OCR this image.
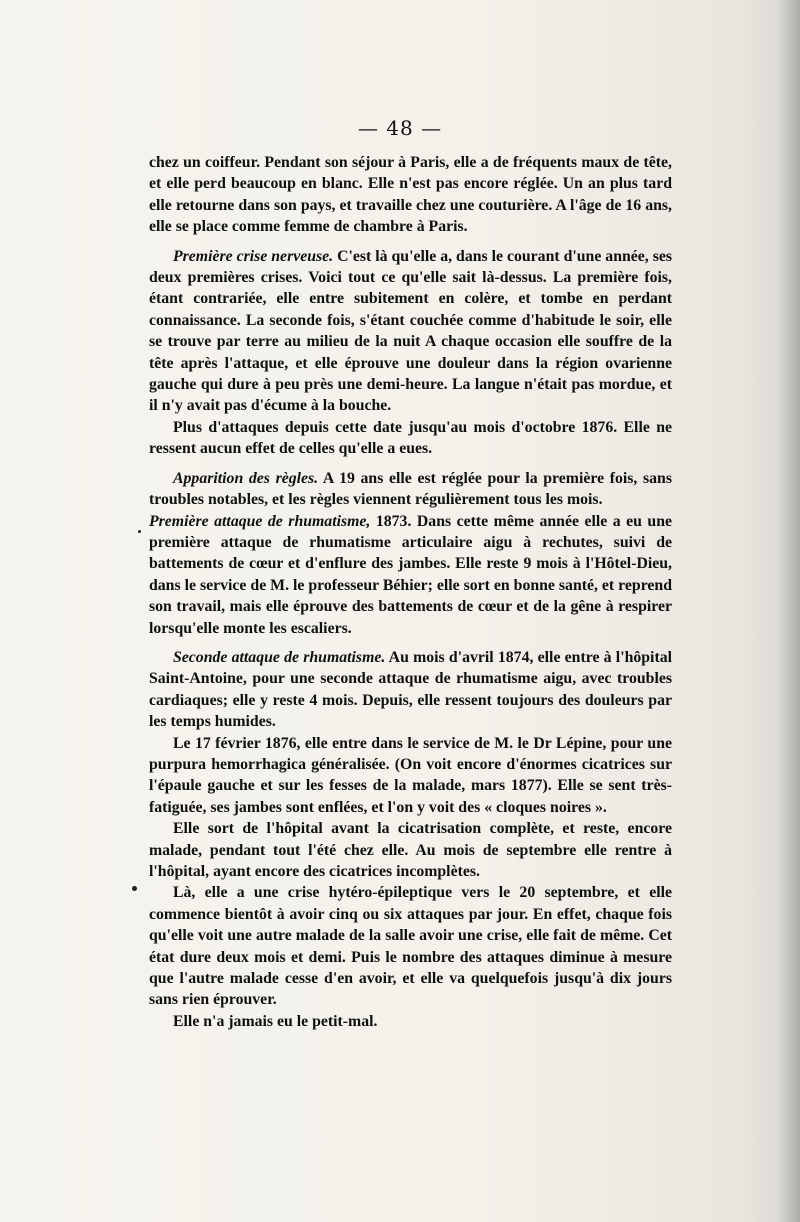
— 48 —

chez un coiffeur. Pendant son séjour à Paris, elle a de fréquents maux de tête, et elle perd beaucoup en blanc. Elle n'est pas encore réglée. Un an plus tard elle retourne dans son pays, et travaille chez une couturière. A l'âge de 16 ans, elle se place comme femme de chambre à Paris.

Première crise nerveuse. C'est là qu'elle a, dans le courant d'une année, ses deux premières crises. Voici tout ce qu'elle sait là-dessus. La première fois, étant contrariée, elle entre subitement en colère, et tombe en perdant connaissance. La seconde fois, s'étant couchée comme d'habitude le soir, elle se trouve par terre au milieu de la nuit A chaque occasion elle souffre de la tête après l'attaque, et elle éprouve une douleur dans la région ovarienne gauche qui dure à peu près une demi-heure. La langue n'était pas mordue, et il n'y avait pas d'écume à la bouche.

Plus d'attaques depuis cette date jusqu'au mois d'octobre 1876. Elle ne ressent aucun effet de celles qu'elle a eues.

Apparition des règles. A 19 ans elle est réglée pour la première fois, sans troubles notables, et les règles viennent régulièrement tous les mois.

Première attaque de rhumatisme, 1873. Dans cette même année elle a eu une première attaque de rhumatisme articulaire aigu à rechutes, suivi de battements de cœur et d'enflure des jambes. Elle reste 9 mois à l'Hôtel-Dieu, dans le service de M. le professeur Béhier; elle sort en bonne santé, et reprend son travail, mais elle éprouve des battements de cœur et de la gêne à respirer lorsqu'elle monte les escaliers.

Seconde attaque de rhumatisme. Au mois d'avril 1874, elle entre à l'hôpital Saint-Antoine, pour une seconde attaque de rhumatisme aigu, avec troubles cardiaques; elle y reste 4 mois. Depuis, elle ressent toujours des douleurs par les temps humides.

Le 17 février 1876, elle entre dans le service de M. le Dr Lépine, pour une purpura hemorrhagica généralisée. (On voit encore d'énormes cicatrices sur l'épaule gauche et sur les fesses de la malade, mars 1877). Elle se sent très-fatiguée, ses jambes sont enflées, et l'on y voit des « cloques noires ».

Elle sort de l'hôpital avant la cicatrisation complète, et reste, encore malade, pendant tout l'été chez elle. Au mois de septembre elle rentre à l'hôpital, ayant encore des cicatrices incomplètes.

Là, elle a une crise hytéro-épileptique vers le 20 septembre, et elle commence bientôt à avoir cinq ou six attaques par jour. En effet, chaque fois qu'elle voit une autre malade de la salle avoir une crise, elle fait de même. Cet état dure deux mois et demi. Puis le nombre des attaques diminue à mesure que l'autre malade cesse d'en avoir, et elle va quelquefois jusqu'à dix jours sans rien éprouver.

Elle n'a jamais eu le petit-mal.
